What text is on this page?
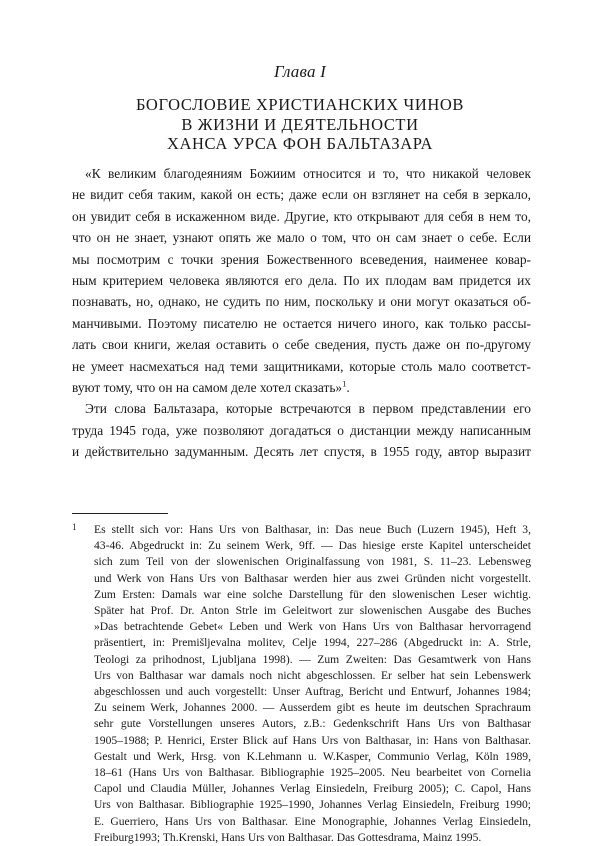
Глава I
БОГОСЛОВИЕ ХРИСТИАНСКИХ ЧИНОВ
В ЖИЗНИ И ДЕЯТЕЛЬНОСТИ
ХАНСА УРСА ФОН БАЛЬТАЗАРА
«К великим благодеяниям Божиим относится и то, что никакой человек
не видит себя таким, какой он есть; даже если он взглянет на себя в зеркало,
он увидит себя в искаженном виде. Другие, кто открывают для себя в нем то,
что он не знает, узнают опять же мало о том, что он сам знает о себе. Если
мы посмотрим с точки зрения Божественного всеведения, наименее ковар-
ным критерием человека являются его дела. По их плодам вам придется их
познавать, но, однако, не судить по ним, поскольку и они могут оказаться об-
манчивыми. Поэтому писателю не остается ничего иного, как только рассы-
лать свои книги, желая оставить о себе сведения, пусть даже он по-другому
не умеет насмехаться над теми защитниками, которые столь мало соответст-
вуют тому, что он на самом деле хотел сказать»$^1$.
Эти слова Бальтазара, которые встречаются в первом представлении его
труда 1945 года, уже позволяют догадаться о дистанции между написанным
и действительно задуманным. Десять лет спустя, в 1955 году, автор выразит
1 Es stellt sich vor: Hans Urs von Balthasar, in: Das neue Buch (Luzern 1945), Heft 3,
43-46. Abgedruckt in: Zu seinem Werk, 9ff. — Das hiesige erste Kapitel unterscheidet
sich zum Teil von der slowenischen Originalfassung von 1981, S. 11–23. Lebensweg
und Werk von Hans Urs von Balthasar werden hier aus zwei Gründen nicht vorgestellt.
Zum Ersten: Damals war eine solche Darstellung für den slowenischen Leser wichtig.
Später hat Prof. Dr. Anton Strle im Geleitwort zur slowenischen Ausgabe des Buches
»Das betrachtende Gebet« Leben und Werk von Hans Urs von Balthasar hervorragend
präsentiert, in: Premišljevalna molitev, Celje 1994, 227–286 (Abgedruckt in: A. Strle,
Teologi za prihodnost, Ljubljana 1998). — Zum Zweiten: Das Gesamtwerk von Hans
Urs von Balthasar war damals noch nicht abgeschlossen. Er selber hat sein Lebenswerk
abgeschlossen und auch vorgestellt: Unser Auftrag, Bericht und Entwurf, Johannes 1984;
Zu seinem Werk, Johannes 2000. — Ausserdem gibt es heute im deutschen Sprachraum
sehr gute Vorstellungen unseres Autors, z.B.: Gedenkschrift Hans Urs von Balthasar
1905–1988; P. Henrici, Erster Blick auf Hans Urs von Balthasar, in: Hans von Balthasar.
Gestalt und Werk, Hrsg. von K.Lehmann u. W.Kasper, Communio Verlag, Köln 1989,
18–61 (Hans Urs von Balthasar. Bibliographie 1925–2005. Neu bearbeitet von Cornelia
Capol und Claudia Müller, Johannes Verlag Einsiedeln, Freiburg 2005); C. Capol, Hans
Urs von Balthasar. Bibliographie 1925–1990, Johannes Verlag Einsiedeln, Freiburg 1990;
E. Guerriero, Hans Urs von Balthasar. Eine Monographie, Johannes Verlag Einsiedeln,
Freiburg1993; Th.Krenski, Hans Urs von Balthasar. Das Gottesdrama, Mainz 1995.
